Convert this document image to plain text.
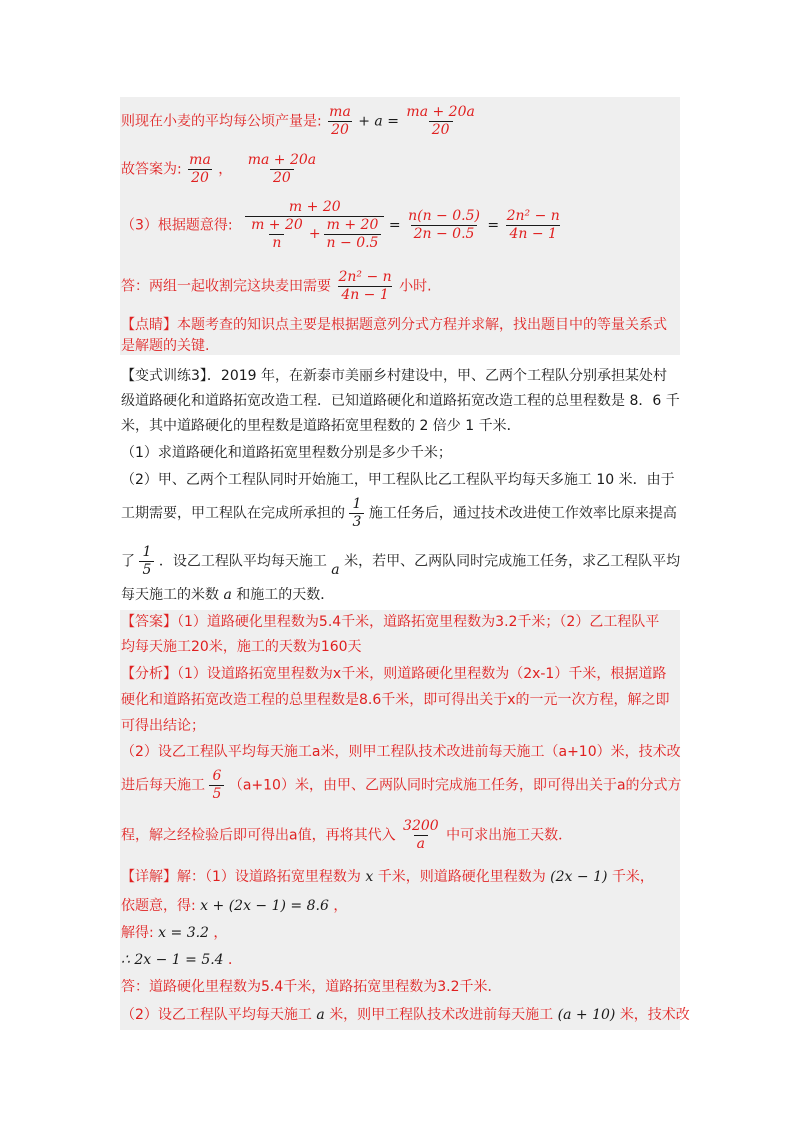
则现在小麦的平均每公顷产量是: $\frac{ma}{20} + a = \frac{ma + 20a}{20}$
故答案为: $\frac{ma}{20}$ ， $\frac{ma + 20a}{20}$
（3）根据题意得: $\frac{m + 20}{\frac{m + 20}{n} + \frac{m + 20}{n - 0.5}} = \frac{n(n - 0.5)}{2n - 0.5} = \frac{\text{2n² − n}}{4n - 1}$
答：两组一起收割完这块麦田需要 $\frac{\text{2n² − n}}{4n - 1}$ 小时.
【点睛】本题考查的知识点主要是根据题意列分式方程并求解，找出题目中的等量关系式
是解题的关键.
【变式训练3】．2019 年，在新泰市美丽乡村建设中，甲、乙两个工程队分别承担某处村
级道路硬化和道路拓宽改造工程．已知道路硬化和道路拓宽改造工程的总里程数是 8．6 千
米，其中道路硬化的里程数是道路拓宽里程数的 2 倍少 1 千米．
（1）求道路硬化和道路拓宽里程数分别是多少千米；
（2）甲、乙两个工程队同时开始施工，甲工程队比乙工程队平均每天多施工 10 米．由于
工期需要，甲工程队在完成所承担的 $\frac{1}{3}$ 施工任务后，通过技术改进使工作效率比原来提高
了 $\frac{1}{5}$ ．设乙工程队平均每天施工 a 米，若甲、乙两队同时完成施工任务，求乙工程队平均
每天施工的米数 a 和施工的天数．
【答案】（1）道路硬化里程数为5.4千米，道路拓宽里程数为3.2千米；（2）乙工程队平
均每天施工20米，施工的天数为160天
【分析】（1）设道路拓宽里程数为x千米，则道路硬化里程数为（2x-1）千米，根据道路
硬化和道路拓宽改造工程的总里程数是8.6千米，即可得出关于x的一元一次方程，解之即
可得出结论；
（2）设乙工程队平均每天施工a米，则甲工程队技术改进前每天施工（a+10）米，技术改
进后每天施工 $\frac{6}{5} (a+10)$米，由甲、乙两队同时完成施工任务，即可得出关于a的分式方
程，解之经检验后即可得出a值，再将其代入 $\frac{3200}{a}$ 中可求出施工天数．
【详解】解：（1）设道路拓宽里程数为 x 千米，则道路硬化里程数为 (2x − 1) 千米，
依题意，得: x + (2x − 1) = 8.6 ，
解得: x = 3.2 ，
∴ 2x − 1 = 5.4 ．
答：道路硬化里程数为5.4千米，道路拓宽里程数为3.2千米．
（2）设乙工程队平均每天施工 a 米，则甲工程队技术改进前每天施工 (a + 10) 米，技术改
